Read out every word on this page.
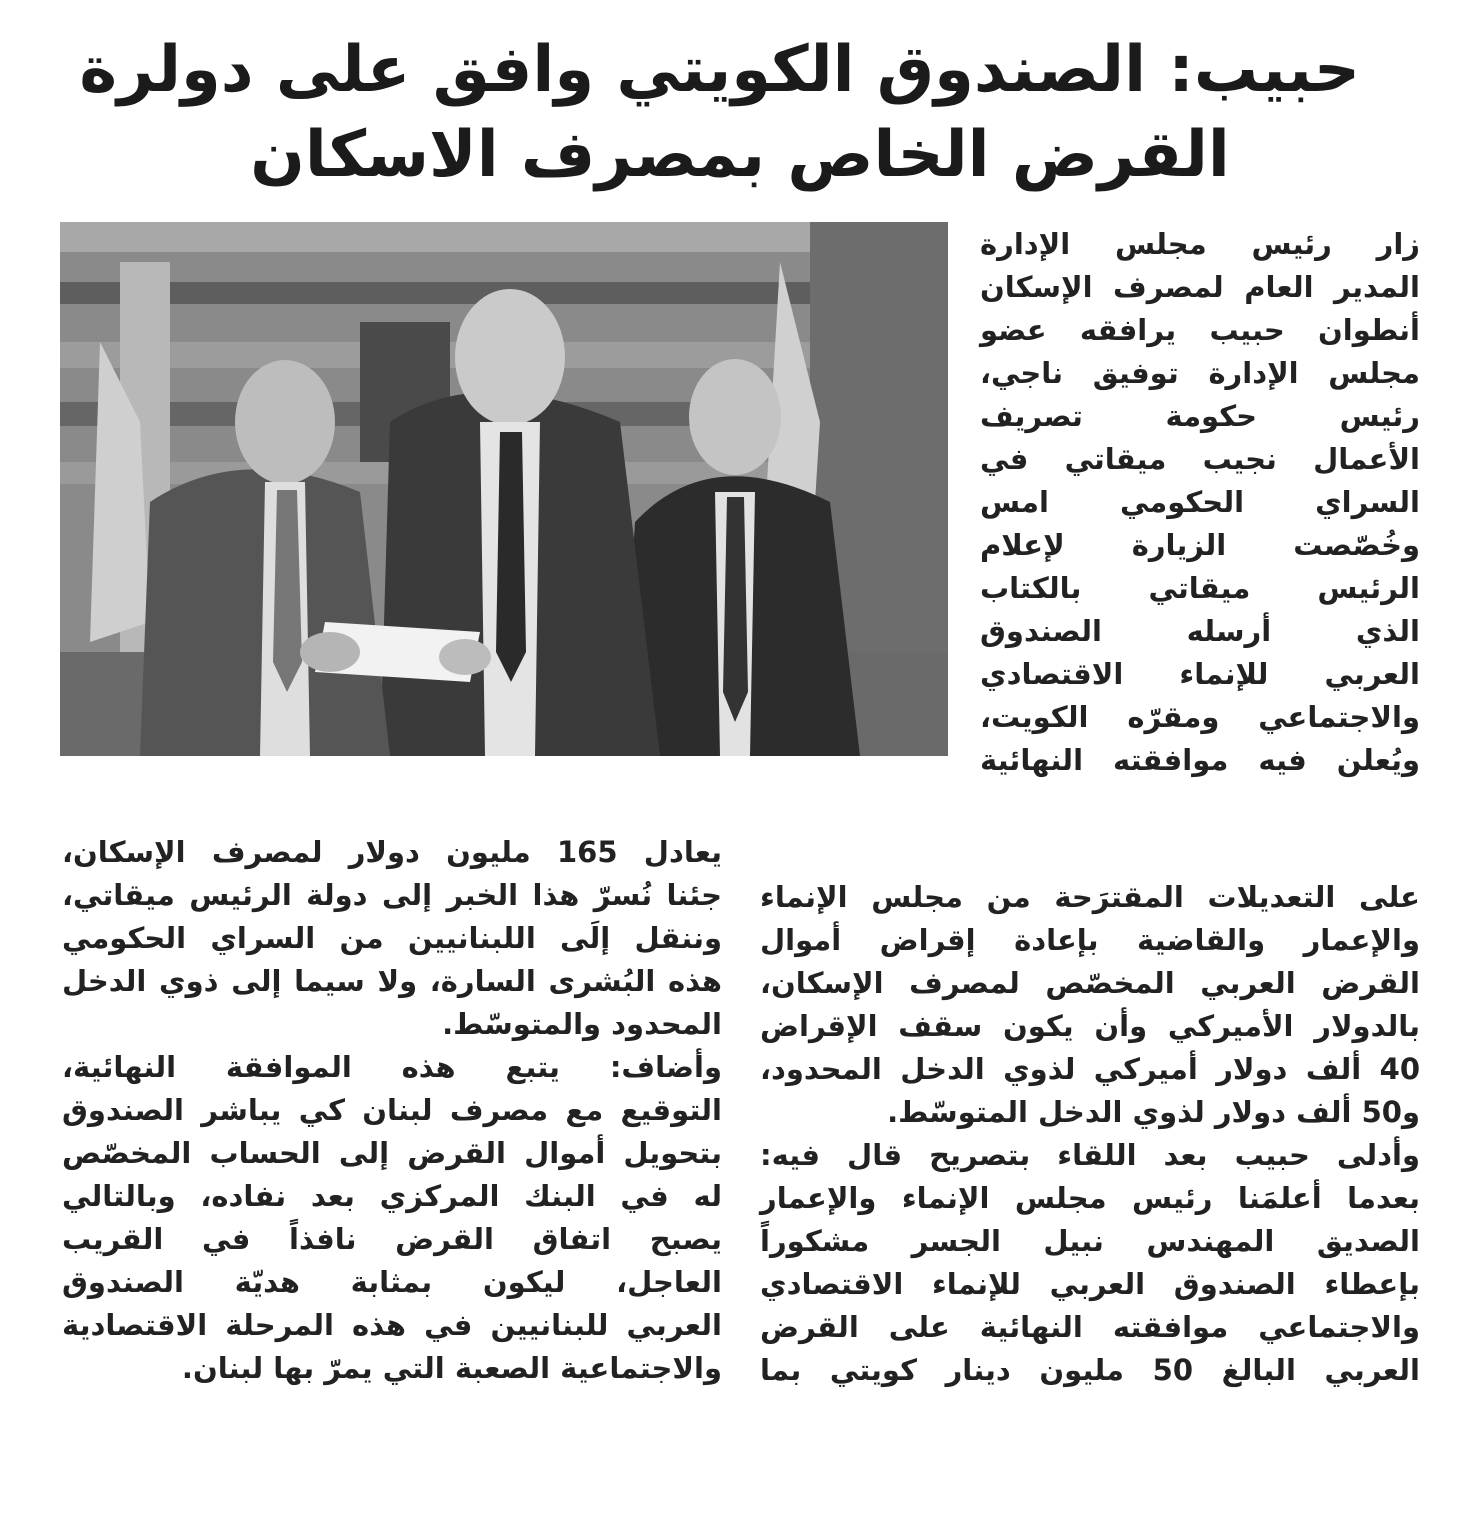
حبيب: الصندوق الكويتي وافق على دولرة
القرض الخاص بمصرف الاسكان

زار رئيس مجلس الإدارة

المدير العام لمصرف الإسكان

أنطوان حبيب يرافقه عضو

مجلس الإدارة توفيق ناجي،

رئيس حكومة تصريف

الأعمال نجيب ميقاتي في

السراي الحكومي امس

وخُصّصت الزيارة لإعلام

الرئيس ميقاتي بالكتاب

الذي أرسله الصندوق

العربي للإنماء الاقتصادي

والاجتماعي ومقرّه الكويت،

ويُعلن فيه موافقته النهائية

على التعديلات المقترَحة من مجلس الإنماء

والإعمار والقاضية بإعادة إقراض أموال

القرض العربي المخصّص لمصرف الإسكان،

بالدولار الأميركي وأن يكون سقف الإقراض

40 ألف دولار أميركي لذوي الدخل المحدود،

و50 ألف دولار لذوي الدخل المتوسّط.

وأدلى حبيب بعد اللقاء بتصريح قال فيه:

بعدما أعلمَنا رئيس مجلس الإنماء والإعمار

الصديق المهندس نبيل الجسر مشكوراً

بإعطاء الصندوق العربي للإنماء الاقتصادي

والاجتماعي موافقته النهائية على القرض

العربي البالغ 50 مليون دينار كويتي بما

يعادل 165 مليون دولار لمصرف الإسكان،

جئنا نُسرّ هذا الخبر إلى دولة الرئيس ميقاتي،

وننقل إلَى اللبنانيين من السراي الحكومي

هذه البُشرى السارة، ولا سيما إلى ذوي الدخل

المحدود والمتوسّط.

وأضاف: يتبع هذه الموافقة النهائية،

التوقيع مع مصرف لبنان كي يباشر الصندوق

بتحويل أموال القرض إلى الحساب المخصّص

له في البنك المركزي بعد نفاده، وبالتالي

يصبح اتفاق القرض نافذاً في القريب

العاجل، ليكون بمثابة هديّة الصندوق

العربي للبنانيين في هذه المرحلة الاقتصادية

والاجتماعية الصعبة التي يمرّ بها لبنان.
